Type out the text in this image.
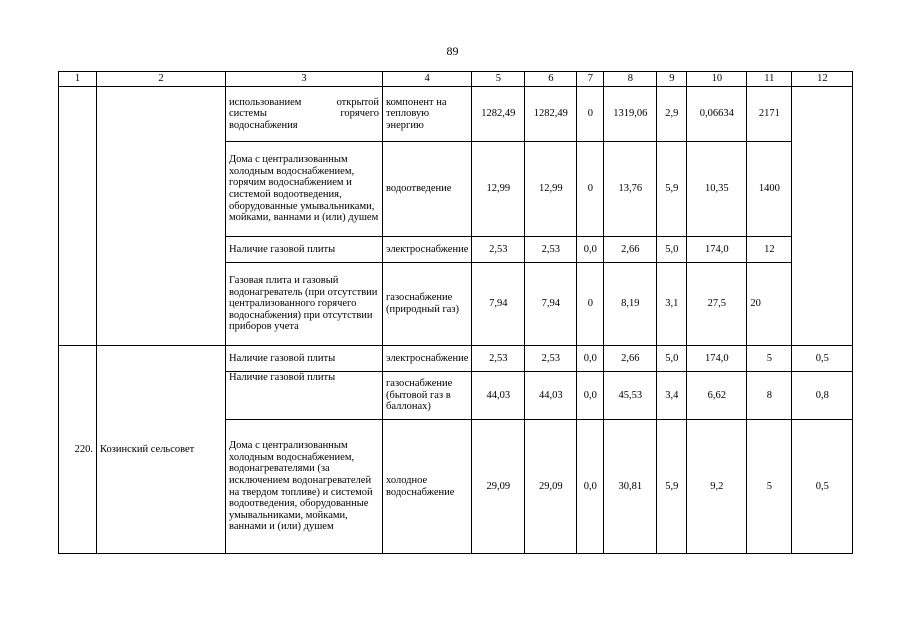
89
1	2	3	4	5	6	7	8	9	10	11	12
		использованием открытой системы горячего водоснабжения	компонент на тепловую энергию	1282,49	1282,49	0	1319,06	2,9	0,06634	2171	
		Дома с централизованным холодным водоснабжением, горячим водоснабжением и системой водоотведения, оборудованные умывальниками, мойками, ваннами и (или) душем	водоотведение	12,99	12,99	0	13,76	5,9	10,35	1400	
		Наличие газовой плиты	электроснабжение	2,53	2,53	0,0	2,66	5,0	174,0	12	
		Газовая плита и газовый водонагреватель (при отсутствии централизованного горячего водоснабжения) при отсутствии приборов учета	газоснабжение (природный газ)	7,94	7,94	0	8,19	3,1	27,5	20	
220.	Козинский сельсовет	Наличие газовой плиты	электроснабжение	2,53	2,53	0,0	2,66	5,0	174,0	5	0,5
		Наличие газовой плиты	газоснабжение (бытовой газ в баллонах)	44,03	44,03	0,0	45,53	3,4	6,62	8	0,8
		Дома с централизованным холодным водоснабжением, водонагревателями (за исключением водонагревателей на твердом топливе) и системой водоотведения, оборудованные умывальниками, мойками, ваннами и (или) душем	холодное водоснабжение	29,09	29,09	0,0	30,81	5,9	9,2	5	0,5
